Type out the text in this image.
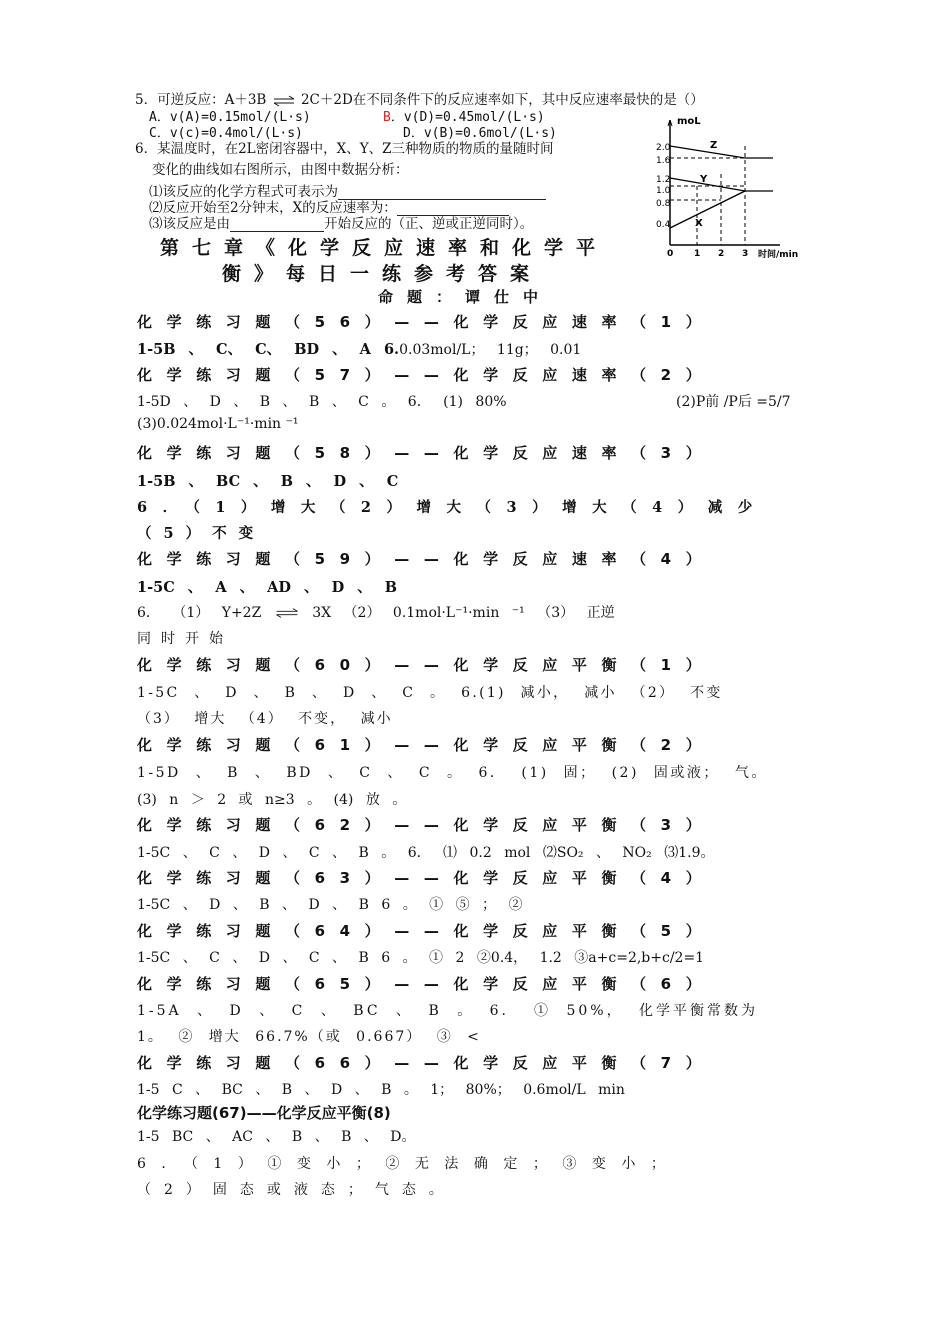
5．可逆反应：A＋3B ⇌ 2C＋2D在不同条件下的反应速率如下，其中反应速率最快的是（）
A．v(A)=0.15mol/(L·s)	B．v(D)=0.45mol/(L·s)
C．v(c)=0.4mol/(L·s)	D．v(B)=0.6mol/(L·s)
6．某温度时，在2L密闭容器中，X、Y、Z三种物质的物质的量随时间
变化的曲线如右图所示，由图中数据分析：
⑴该反应的化学方程式可表示为
⑵反应开始至2分钟末，X的反应速率为：
⑶该反应是由	开始反应的（正、逆或正逆同时）。
moL
2.0
1.6
1.2
1.0
0.8
0.4
0 1 2 3 时间/min
Z
Y
X
第七章《化学反应速率和化学平
衡》每日一练参考答案
命题：谭仕中
化学练习题（56）——化学反应速率（1）
1-5B 、 C、 C、 BD 、 A 6.0.03mol/L； 11g； 0.01
化学练习题（57）——化学反应速率（2）
1-5D 、 D 、 B 、 B 、 C 。 6． (1) 80%	(2)P前 /P后 =5/7
(3)0.024mol·L⁻¹·min ⁻¹
化学练习题（58）——化学反应速率（3）
1-5B 、 BC 、 B 、 D 、 C
6．（1）增大（2）增大（3）增大（4）减少
（5）不变
化学练习题（59）——化学反应速率（4）
1-5C 、 A 、 AD 、 D 、 B
6． （1） Y+2Z ⇌ 3X （2） 0.1mol·L⁻¹·min ⁻¹ （3） 正逆
同时开始
化学练习题（60）——化学反应平衡（1）
1-5C 、 D 、 B 、 D 、 C 。 6.(1) 减小， 减小 （2） 不变
（3） 增大 （4） 不变， 减小
化学练习题（61）——化学反应平衡（2）
1-5D 、 B 、 BD 、 C 、 C 。 6． (1) 固； (2) 固或液； 气。
(3) n ＞ 2 或 n≥3 。 (4) 放 。
化学练习题（62）——化学反应平衡（3）
1-5C 、 C 、 D 、 C 、 B 。 6． ⑴ 0.2 mol ⑵SO₂ 、 NO₂ ⑶1.9。
化学练习题（63）——化学反应平衡（4）
1-5C 、 D 、 B 、 D 、 B 6 。 ① ⑤ ； ②
化学练习题（64）——化学反应平衡（5）
1-5C 、 C 、 D 、 C 、 B 6 。 ① 2 ②0.4， 1.2 ③a+c=2,b+c/2=1
化学练习题（65）——化学反应平衡（6）
1-5A 、 D 、 C 、 BC 、 B 。 6． ① 50%， 化学平衡常数为
1。 ② 增大 66.7%（或 0.667） ③ <
化学练习题（66）——化学反应平衡（7）
1-5 C 、 BC 、 B 、 D 、 B 。 1； 80%； 0.6mol/L min
化学练习题(67)——化学反应平衡(8)
1-5 BC 、 AC 、 B 、 B 、 D。
6．（1）①变小；②无法确定；③变小；
（2）固态或液态；气态。
